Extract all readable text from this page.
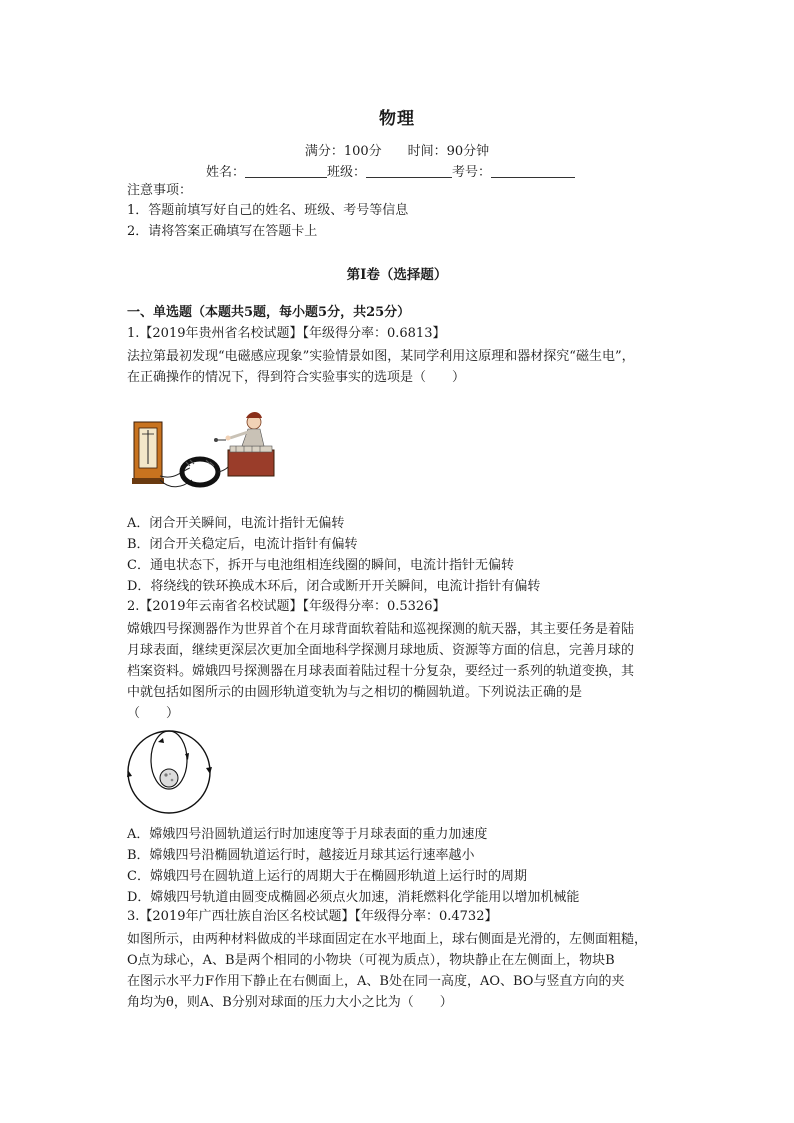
物理
满分：100分 时间：90分钟
姓名：	班级：	考号：
注意事项：
1．答题前填写好自己的姓名、班级、考号等信息
2．请将答案正确填写在答题卡上
第I卷（选择题）
一、单选题（本题共5题，每小题5分，共25分）
1.【2019年贵州省名校试题】【年级得分率：0.6813】

法拉第最初发现“电磁感应现象”实验情景如图，某同学利用这原理和器材探究“磁生电”，

在正确操作的情况下，得到符合实验事实的选项是（　　）

A．闭合开关瞬间，电流计指针无偏转

B．闭合开关稳定后，电流计指针有偏转

C．通电状态下，拆开与电池组相连线圈的瞬间，电流计指针无偏转

D．将绕线的铁环换成木环后，闭合或断开开关瞬间，电流计指针有偏转

2.【2019年云南省名校试题】【年级得分率：0.5326】

嫦娥四号探测器作为世界首个在月球背面软着陆和巡视探测的航天器，其主要任务是着陆

月球表面，继续更深层次更加全面地科学探测月球地质、资源等方面的信息，完善月球的

档案资料。嫦娥四号探测器在月球表面着陆过程十分复杂，要经过一系列的轨道变换，其

中就包括如图所示的由圆形轨道变轨为与之相切的椭圆轨道。下列说法正确的是

（　　）

A．嫦娥四号沿圆轨道运行时加速度等于月球表面的重力加速度

B．嫦娥四号沿椭圆轨道运行时，越接近月球其运行速率越小

C．嫦娥四号在圆轨道上运行的周期大于在椭圆形轨道上运行时的周期

D．嫦娥四号轨道由圆变成椭圆必须点火加速，消耗燃料化学能用以增加机械能

3.【2019年广西壮族自治区名校试题】【年级得分率：0.4732】

如图所示，由两种材料做成的半球面固定在水平地面上，球右侧面是光滑的，左侧面粗糙，

O点为球心，A、B是两个相同的小物块（可视为质点），物块静止在左侧面上，物块B

在图示水平力F作用下静止在右侧面上，A、B处在同一高度，AO、BO与竖直方向的夹

角均为θ，则A、B分别对球面的压力大小之比为（　　）
